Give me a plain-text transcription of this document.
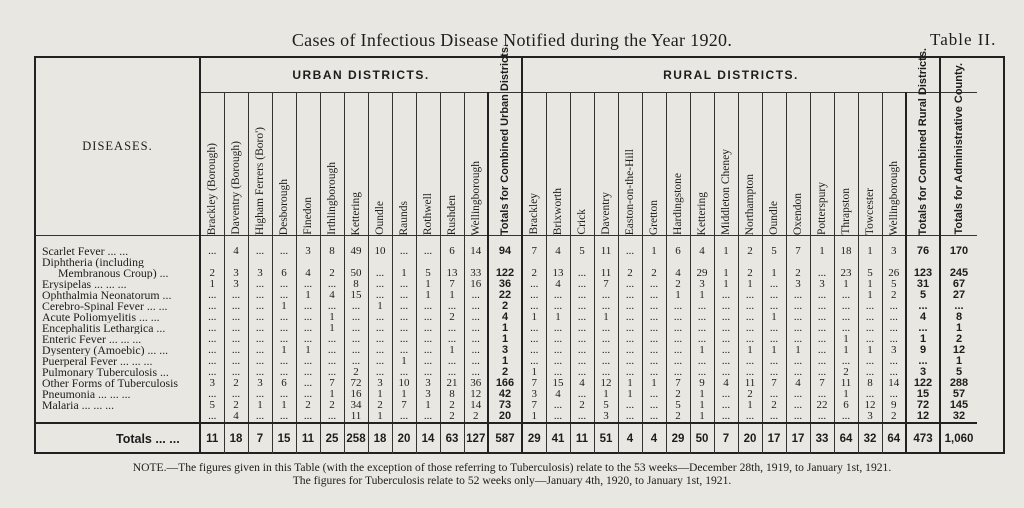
Cases of Infectious Disease Notified during the Year 1920.	Table II.
DISEASES.	URBAN DISTRICTS.													RURAL DISTRICTS.																	

	Brackley (Borough)	Daventry (Borough)	Higham Ferrers (Boro')	Desborough	Finedon	Irthlingborough	Kettering	Oundle	Raunds	Rothwell	Rushden	Wellingborough	Totals for Combined Urban Districts.	Brackley	Brixworth	Crick	Daventry	Easton-on-the-Hill	Gretton	Hardingstone	Kettering	Middleton Cheney	Northampton	Oundle	Oxendon	Potterspury	Thrapston	Towcester	Wellingborough	Totals for Combined Rural Districts.	Totals for Administrative County.

Scarlet Fever ... ...	...	4	...	...	3	8	49	10	...	...	6	14	94	7	4	5	11	...	1	6	4	1	2	5	7	1	18	1	3	76	170
Diphtheria (including																															
Membranous Croup) ...	2	3	3	6	4	2	50	...	1	5	13	33	122	2	13	...	11	2	2	4	29	1	2	1	2	...	23	5	26	123	245
Erysipelas ... ... ...	1	3	...	...	...	...	8	...	...	1	7	16	36	...	4	...	7	...	...	2	3	1	1	...	3	3	1	1	5	31	67
Ophthalmia Neonatorum ...	...	...	...	...	1	4	15	...	...	1	1	...	22	...	...	...	...	...	...	1	1	...	...	...	...	...	...	1	2	5	27
Cerebro-Spinal Fever ... ...	...	...	...	1	...	...	...	1	...	...	...	...	2	...	...	...	...	...	...	...	...	...	...	...	...	...	...	...	...	...	...
Acute Poliomyelitis ... ...	...	...	...	...	...	1	...	...	...	...	2	...	4	1	1	...	1	...	...	...	...	...	...	1	...	...	...	...	...	4	8
Encephalitis Lethargica ...	...	...	...	...	...	1	...	...	...	...	...	...	1	...	...	...	...	...	...	...	...	...	...	...	...	...	...	...	...	...	1
Enteric Fever ... ... ...	...	...	...	...	...	...	...	...	...	...	...	...	1	...	...	...	...	...	...	...	...	...	...	...	...	...	1	...	...	1	2
Dysentery (Amoebic) ... ...	...	...	...	1	1	...	...	...	...	...	1	...	3	...	...	...	...	...	...	...	1	...	1	1	1	...	1	1	3	9	12
Puerperal Fever ... ... ...	...	...	...	...	...	...	...	...	1	...	...	...	1	...	...	...	...	...	...	...	...	...	...	...	...	...	...	...	...	...	1
Pulmonary Tuberculosis ...	...	...	...	...	...	...	2	...	...	...	...	...	2	1	...	...	...	...	...	...	...	...	...	...	...	...	2	...	...	3	5
Other Forms of Tuberculosis	3	2	3	6	...	7	72	3	10	3	21	36	166	7	15	4	12	1	1	7	9	4	11	7	4	7	11	8	14	122	288
Pneumonia ... ... ...	...	...	...	...	...	1	16	1	1	3	8	12	42	3	4	...	1	1	...	2	1	...	2	...	...	...	1	...	...	15	57
Malaria ... ... ...	5	2	1	1	2	2	34	2	7	1	2	14	73	7	...	2	5	...	...	5	1	...	1	2	...	22	6	12	9	72	145
	...	4	...	...	...	...	11	1	...	...	2	2	20	1	...	...	3	...	...	2	1	...	...	...	...	...	...	3	2	12	32
Totals ... ...	11	18	7	15	11	25	258	18	20	14	63	127	587	29	41	11	51	4	4	29	50	7	20	17	17	33	64	32	64	473	1,060
NOTE.—The figures given in this Table (with the exception of those referring to Tuberculosis) relate to the 53 weeks—December 28th, 1919, to January 1st, 1921.
The figures for Tuberculosis relate to 52 weeks only—January 4th, 1920, to January 1st, 1921.
